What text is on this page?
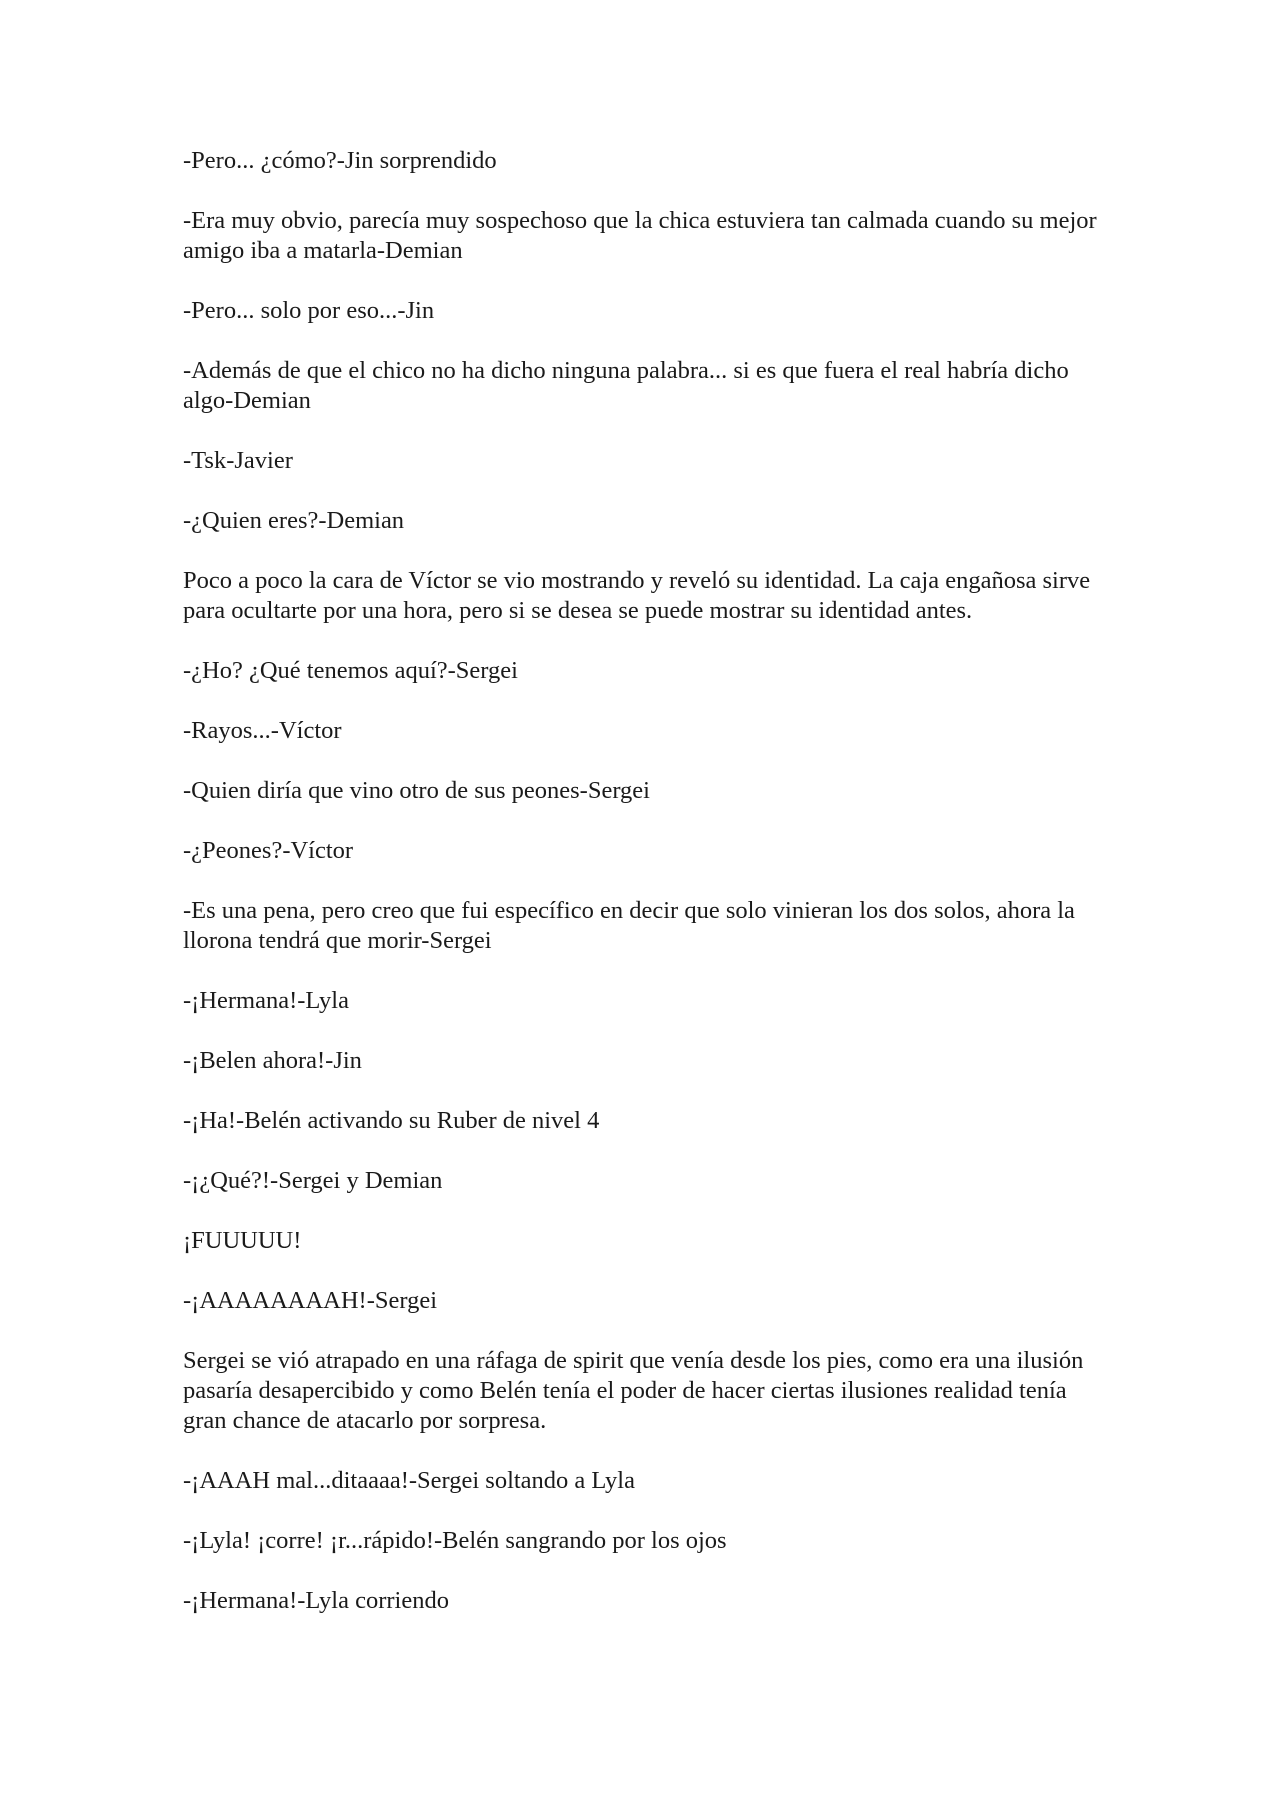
-Pero... ¿cómo?-Jin sorprendido

-Era muy obvio, parecía muy sospechoso que la chica estuviera tan calmada cuando su mejor amigo iba a matarla-Demian

-Pero... solo por eso...-Jin

-Además de que el chico no ha dicho ninguna palabra... si es que fuera el real habría dicho algo-Demian

-Tsk-Javier

-¿Quien eres?-Demian

Poco a poco la cara de Víctor se vio mostrando y reveló su identidad. La caja engañosa sirve para ocultarte por una hora, pero si se desea se puede mostrar su identidad antes.

-¿Ho? ¿Qué tenemos aquí?-Sergei

-Rayos...-Víctor

-Quien diría que vino otro de sus peones-Sergei

-¿Peones?-Víctor

-Es una pena, pero creo que fui específico en decir que solo vinieran los dos solos, ahora la llorona tendrá que morir-Sergei

-¡Hermana!-Lyla

-¡Belen ahora!-Jin

-¡Ha!-Belén activando su Ruber de nivel 4

-¡¿Qué?!-Sergei y Demian

¡FUUUUU!

-¡AAAAAAAAH!-Sergei

Sergei se vió atrapado en una ráfaga de spirit que venía desde los pies, como era una ilusión pasaría desapercibido y como Belén tenía el poder de hacer ciertas ilusiones realidad tenía gran chance de atacarlo por sorpresa.

-¡AAAH mal...ditaaaa!-Sergei soltando a Lyla

-¡Lyla! ¡corre! ¡r...rápido!-Belén sangrando por los ojos

-¡Hermana!-Lyla corriendo
